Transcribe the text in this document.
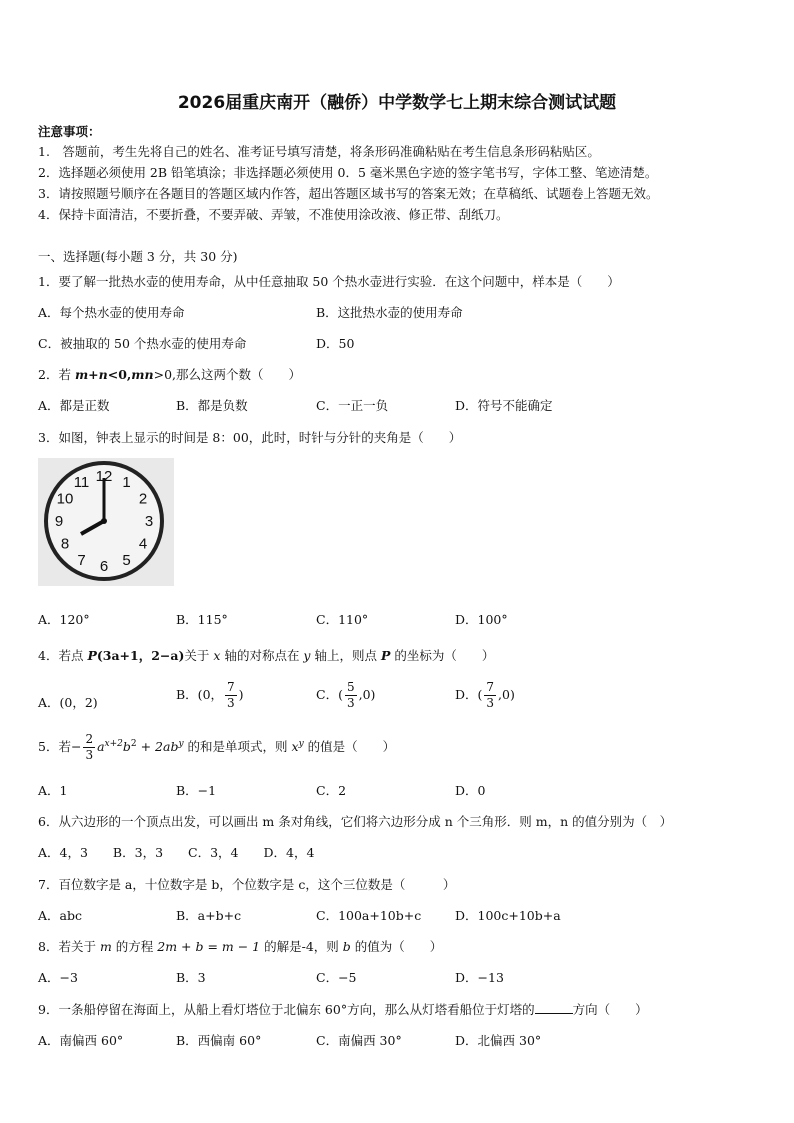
2026届重庆南开（融侨）中学数学七上期末综合测试试题
注意事项：
1.　答题前，考生先将自己的姓名、准考证号填写清楚，将条形码准确粘贴在考生信息条形码粘贴区。
2．选择题必须使用 2B 铅笔填涂；非选择题必须使用 0．5 毫米黑色字迹的签字笔书写，字体工整、笔迹清楚。
3．请按照题号顺序在各题目的答题区域内作答，超出答题区域书写的答案无效；在草稿纸、试题卷上答题无效。
4．保持卡面清洁，不要折叠，不要弄破、弄皱，不准使用涂改液、修正带、刮纸刀。
一、选择题(每小题 3 分，共 30 分)
1．要了解一批热水壶的使用寿命，从中任意抽取 50 个热水壶进行实验．在这个问题中，样本是（　　）
A．每个热水壶的使用寿命	B．这批热水壶的使用寿命
C．被抽取的 50 个热水壶的使用寿命	D．50
2．若 m+n<0,mn>0,那么这两个数（　　）
A．都是正数	B．都是负数	C．一正一负	D．符号不能确定
3．如图，钟表上显示的时间是 8：00，此时，时针与分针的夹角是（　　）
12 1
2
3
4
5
6
7
8
9
10
11
A．120°	B．115°	C．110°	D．100°
4．若点 P(3a+1，2−a)关于 x 轴的对称点在 y 轴上，则点 P 的坐标为（　　）
A．(0，2)
B．(0， $\frac{7}{3}$ )	C．( $\frac{5}{3} ,0$)	D．( $\frac{7}{3} ,0$)
5．若− $\frac{2}{3} a^{x+2}b^2 + 2ab^y$ 的和是单项式，则 $x^y$ 的值是（　　）
A．1	B．−1	C．2	D．0
6．从六边形的一个顶点出发，可以画出 m 条对角线，它们将六边形分成 n 个三角形．则 m，n 的值分别为（　）
A．4，3　　B．3，3　　C．3，4　　D．4，4
7．百位数字是 a，十位数字是 b，个位数字是 c，这个三位数是（　　　）
A．abc	B．a+b+c	C．100a+10b+c	D．100c+10b+a
8．若关于 m 的方程 2m + b = m − 1 的解是-4，则 b 的值为（　　）
A．−3	B．3	C．−5	D．−13
9．一条船停留在海面上，从船上看灯塔位于北偏东 60°方向，那么从灯塔看船位于灯塔的	方向（　　）
A．南偏西 60°	B．西偏南 60°	C．南偏西 30°	D．北偏西 30°
